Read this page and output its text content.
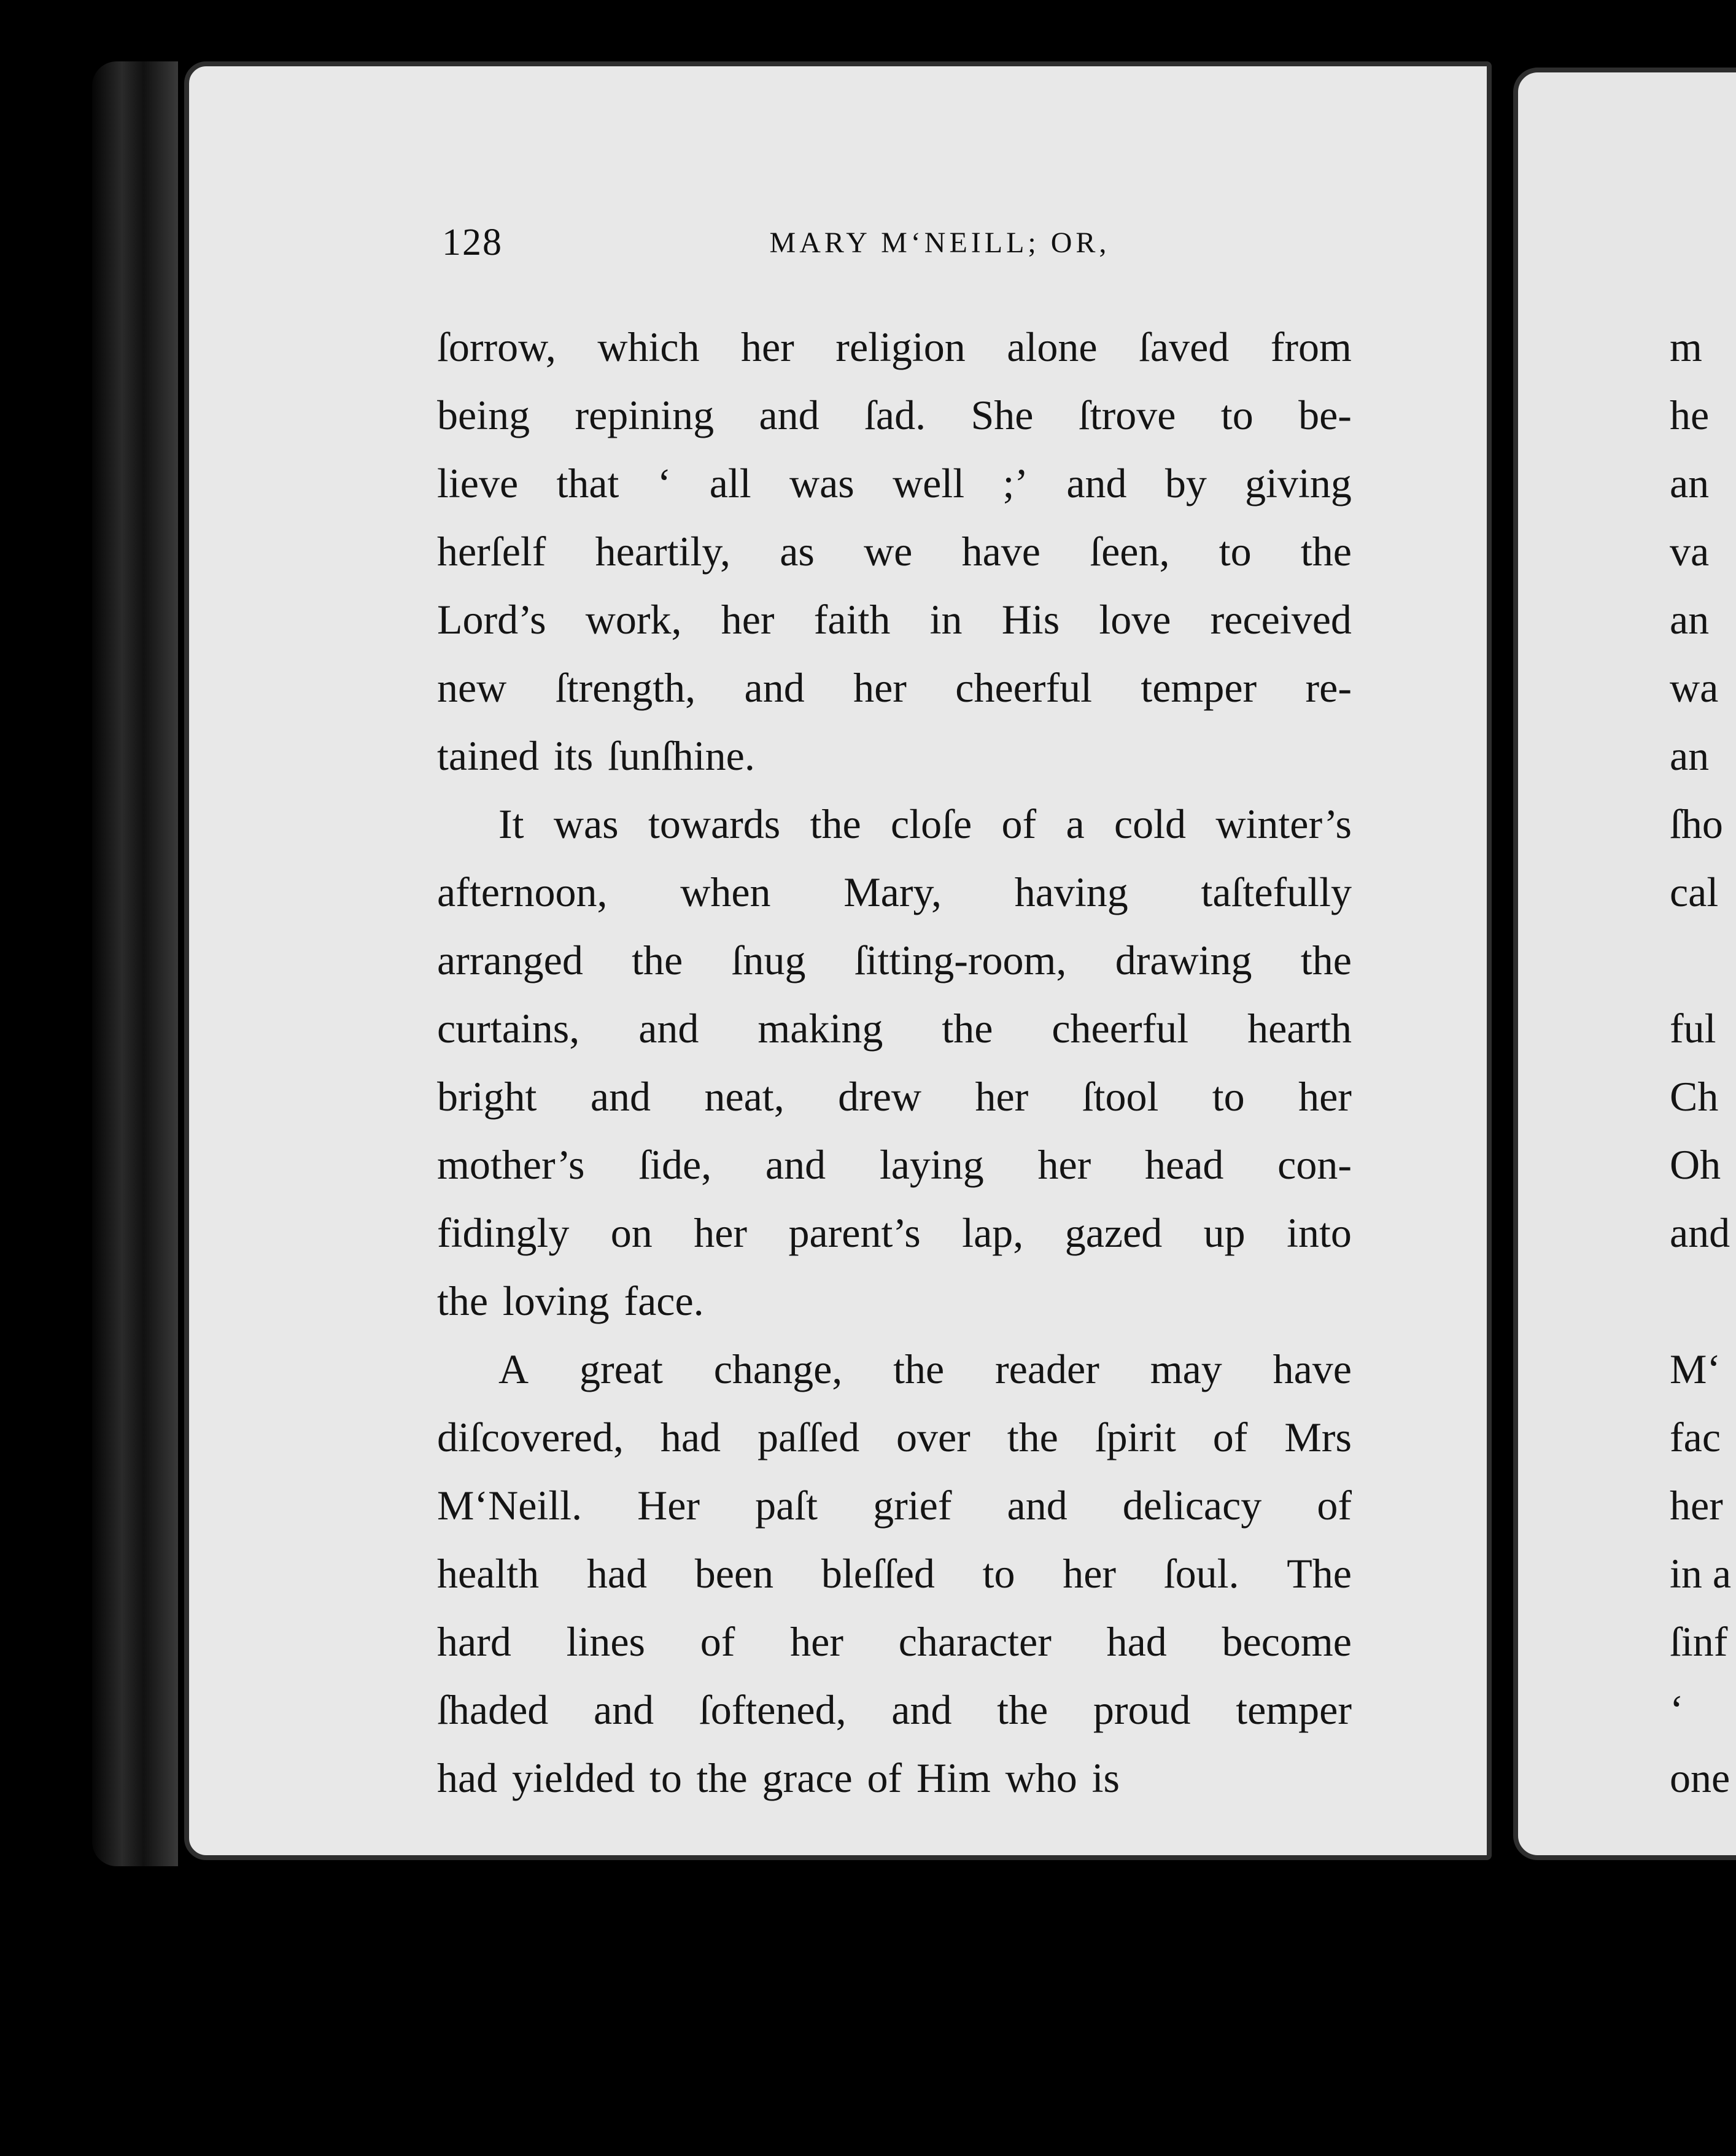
128	MARY M‘NEILL; OR,
ſorrow, which her religion alone ſaved from
being repining and ſad. She ſtrove to be-
lieve that ‘ all was well ;’ and by giving
herſelf heartily, as we have ſeen, to the
Lord’s work, her faith in His love received
new ſtrength, and her cheerful temper re-
tained its ſunſhine.
It was towards the cloſe of a cold winter’s
afternoon, when Mary, having taſtefully
arranged the ſnug ſitting-room, drawing the
curtains, and making the cheerful hearth
bright and neat, drew her ſtool to her
mother’s ſide, and laying her head con-
fidingly on her parent’s lap, gazed up into
the loving face.
A great change, the reader may have
diſcovered, had paſſed over the ſpirit of Mrs
M‘Neill. Her paſt grief and delicacy of
health had been bleſſed to her ſoul. The
hard lines of her character had become
ſhaded and ſoftened, and the proud temper
had yielded to the grace of Him who is
m
he
an
va
an
wa
an
ſho
cal
ful
Ch
Oh
and
M‘
fac
her
in a
ſinf
‘
one
